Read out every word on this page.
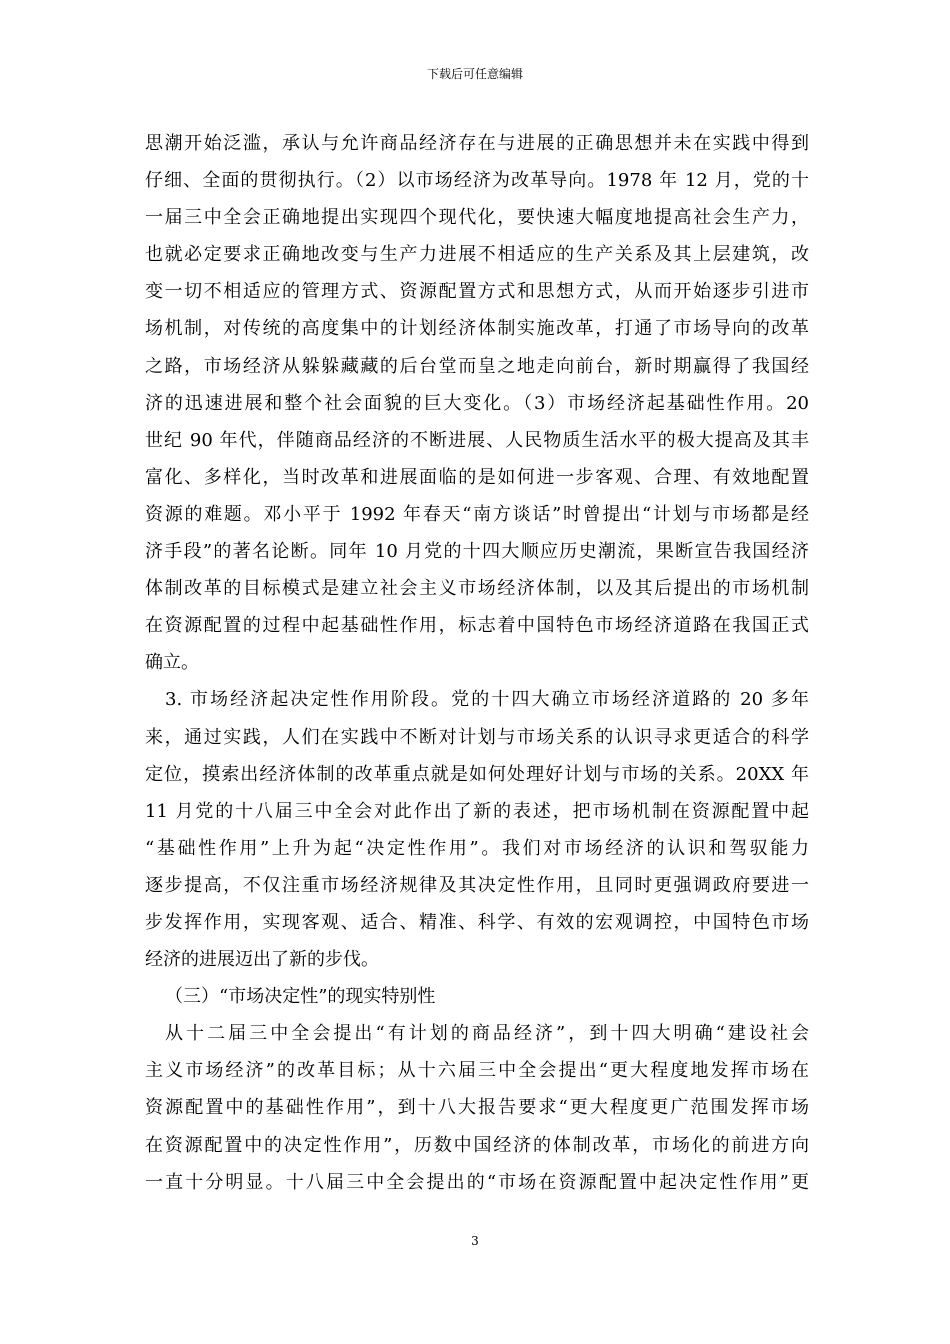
下载后可任意编辑
思潮开始泛滥，承认与允许商品经济存在与进展的正确思想并未在实践中得到
仔细、全面的贯彻执行。（2）以市场经济为改革导向。1978 年 12 月，党的十
一届三中全会正确地提出实现四个现代化，要快速大幅度地提高社会生产力，
也就必定要求正确地改变与生产力进展不相适应的生产关系及其上层建筑，改
变一切不相适应的管理方式、资源配置方式和思想方式，从而开始逐步引进市
场机制，对传统的高度集中的计划经济体制实施改革，打通了市场导向的改革
之路，市场经济从躲躲藏藏的后台堂而皇之地走向前台，新时期赢得了我国经
济的迅速进展和整个社会面貌的巨大变化。（3）市场经济起基础性作用。20
世纪 90 年代，伴随商品经济的不断进展、人民物质生活水平的极大提高及其丰
富化、多样化，当时改革和进展面临的是如何进一步客观、合理、有效地配置
资源的难题。邓小平于 1992 年春天“南方谈话”时曾提出“计划与市场都是经
济手段”的著名论断。同年 10 月党的十四大顺应历史潮流，果断宣告我国经济
体制改革的目标模式是建立社会主义市场经济体制，以及其后提出的市场机制
在资源配置的过程中起基础性作用，标志着中国特色市场经济道路在我国正式
确立。
3. 市场经济起决定性作用阶段。党的十四大确立市场经济道路的 20 多年
来，通过实践，人们在实践中不断对计划与市场关系的认识寻求更适合的科学
定位，摸索出经济体制的改革重点就是如何处理好计划与市场的关系。20XX 年
11 月党的十八届三中全会对此作出了新的表述，把市场机制在资源配置中起
“基础性作用”上升为起“决定性作用”。我们对市场经济的认识和驾驭能力
逐步提高，不仅注重市场经济规律及其决定性作用，且同时更强调政府要进一
步发挥作用，实现客观、适合、精准、科学、有效的宏观调控，中国特色市场
经济的进展迈出了新的步伐。
（三）“市场决定性”的现实特别性
从十二届三中全会提出“有计划的商品经济”，到十四大明确“建设社会
主义市场经济”的改革目标；从十六届三中全会提出“更大程度地发挥市场在
资源配置中的基础性作用”，到十八大报告要求“更大程度更广范围发挥市场
在资源配置中的决定性作用”，历数中国经济的体制改革，市场化的前进方向
一直十分明显。十八届三中全会提出的“市场在资源配置中起决定性作用”更
3
